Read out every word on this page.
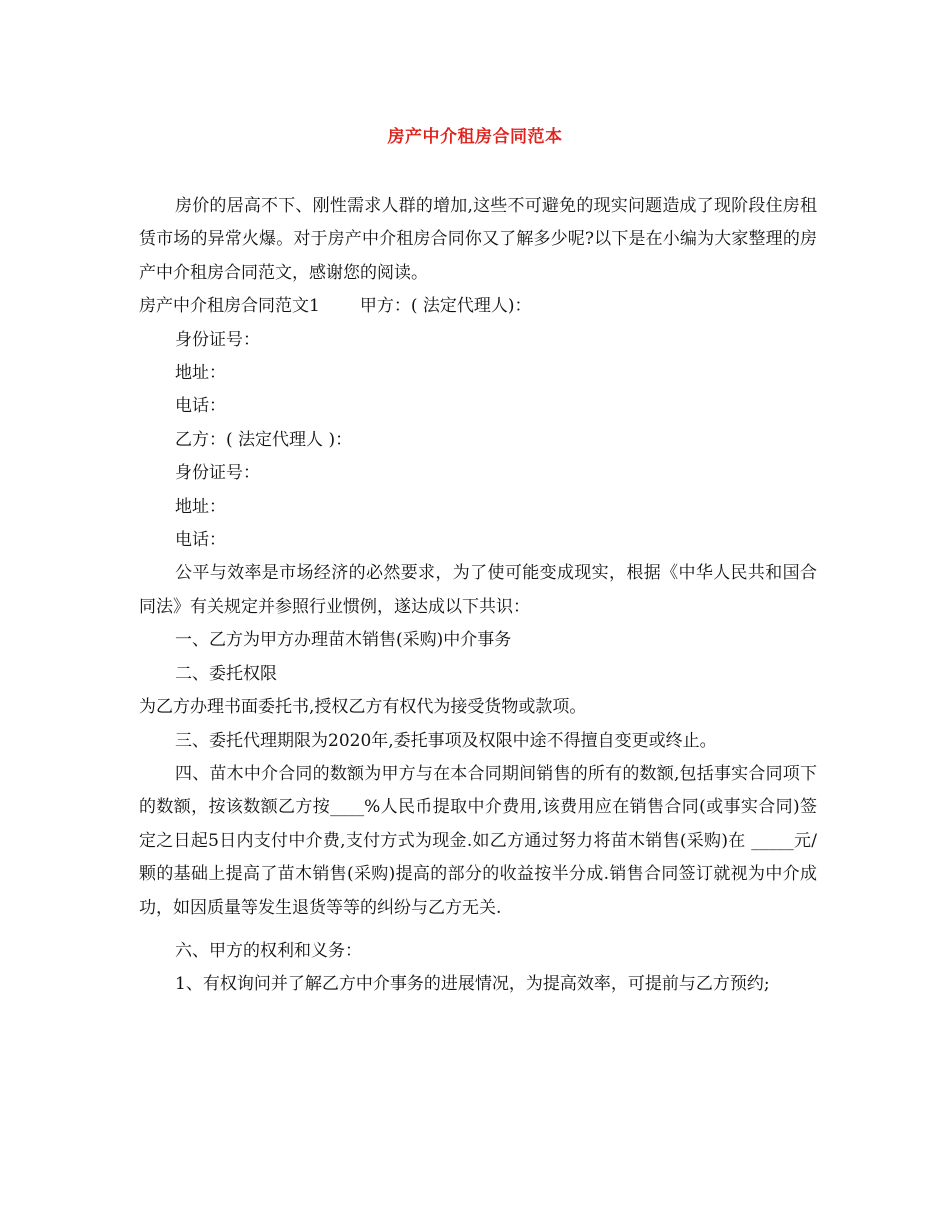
房产中介租房合同范本

房价的居高不下、刚性需求人群的增加,这些不可避免的现实问题造成了现阶段住房租赁市场的异常火爆。对于房产中介租房合同你又了解多少呢?以下是在小编为大家整理的房产中介租房合同范文，感谢您的阅读。

房产中介租房合同范文1 甲方：( 法定代理人)：

身份证号：

地址：

电话：

乙方：( 法定代理人 )：

身份证号：

地址：

电话：

公平与效率是市场经济的必然要求，为了使可能变成现实，根据《中华人民共和国合同法》有关规定并参照行业惯例，遂达成以下共识：

一、乙方为甲方办理苗木销售(采购)中介事务

二、委托权限

为乙方办理书面委托书,授权乙方有权代为接受货物或款项。

三、委托代理期限为2020年,委托事项及权限中途不得擅自变更或终止。

四、苗木中介合同的数额为甲方与在本合同期间销售的所有的数额,包括事实合同项下的数额，按该数额乙方按____%人民币提取中介费用,该费用应在销售合同(或事实合同)签定之日起5日内支付中介费,支付方式为现金.如乙方通过努力将苗木销售(采购)在 _____元/颗的基础上提高了苗木销售(采购)提高的部分的收益按半分成.销售合同签订就视为中介成功，如因质量等发生退货等等的纠纷与乙方无关.

六、甲方的权利和义务：

1、有权询问并了解乙方中介事务的进展情况，为提高效率，可提前与乙方预约;
